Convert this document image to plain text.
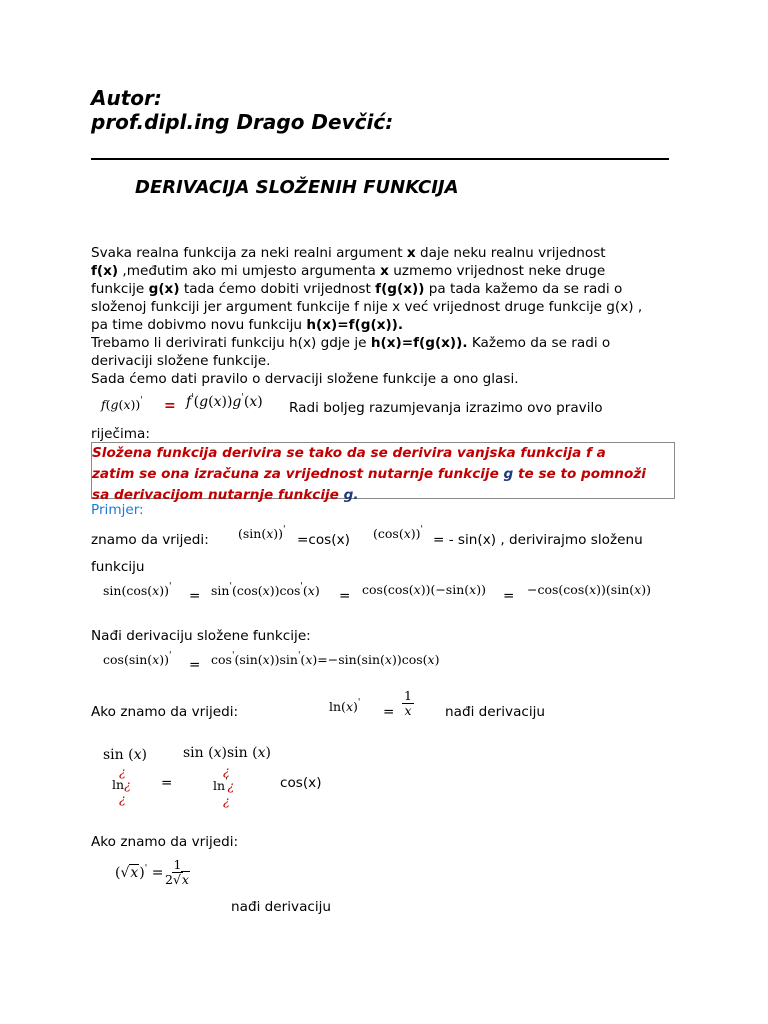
Autor:
prof.dipl.ing Drago Devčić:
DERIVACIJA SLOŽENIH FUNKCIJA
Svaka realna funkcija za neki realni argument x daje neku realnu vrijednost
f(x) ,međutim ako mi umjesto argumenta x uzmemo vrijednost neke druge
funkcije g(x) tada ćemo dobiti vrijednost f(g(x)) pa tada kažemo da se radi o
složenoj funkciji jer argument funkcije f nije x već vrijednost druge funkcije g(x) ,
pa time dobivmo novu funkciju h(x)=f(g(x)).
Trebamo li derivirati funkciju h(x) gdje je h(x)=f(g(x)). Kažemo da se radi o
derivaciji složene funkcije.
Sada ćemo dati pravilo o dervaciji složene funkcije a ono glasi.
f(g(x))' = f'(g(x))g'(x) Radi boljeg razumjevanja izrazimo ovo pravilo
riječima:
Složena funkcija derivira se tako da se derivira vanjska funkcija f a
zatim se ona izračuna za vrijednost nutarnje funkcije g te se to pomnoži
sa derivacijom nutarnje funkcije g.
Primjer:
znamo da vrijedi: (sin(x))'
=cos(x) (cos(x))'
= - sin(x) , derivirajmo složenu
funkciju
sin(cos(x))'
= sin'(cos(x))cos'(x) = cos(cos(x))(−sin(x)) = −cos(cos(x))(sin(x))
Nađi derivaciju složene funkcije:
cos(sin(x))'
= cos'(sin(x))sin'(x)=−sin(sin(x))cos(x)
Ako znamo da vrijedi:	ln(x)'
= $\frac{1}{x}$ nađi derivaciju
sin (x)
¿
ln¿
¿
=
sin (x)sin (x)
¿
ln'¿
¿
cos(x)
Ako znamo da vrijedi:
$(√x)' = \frac{1}{2√x}$
nađi derivaciju
